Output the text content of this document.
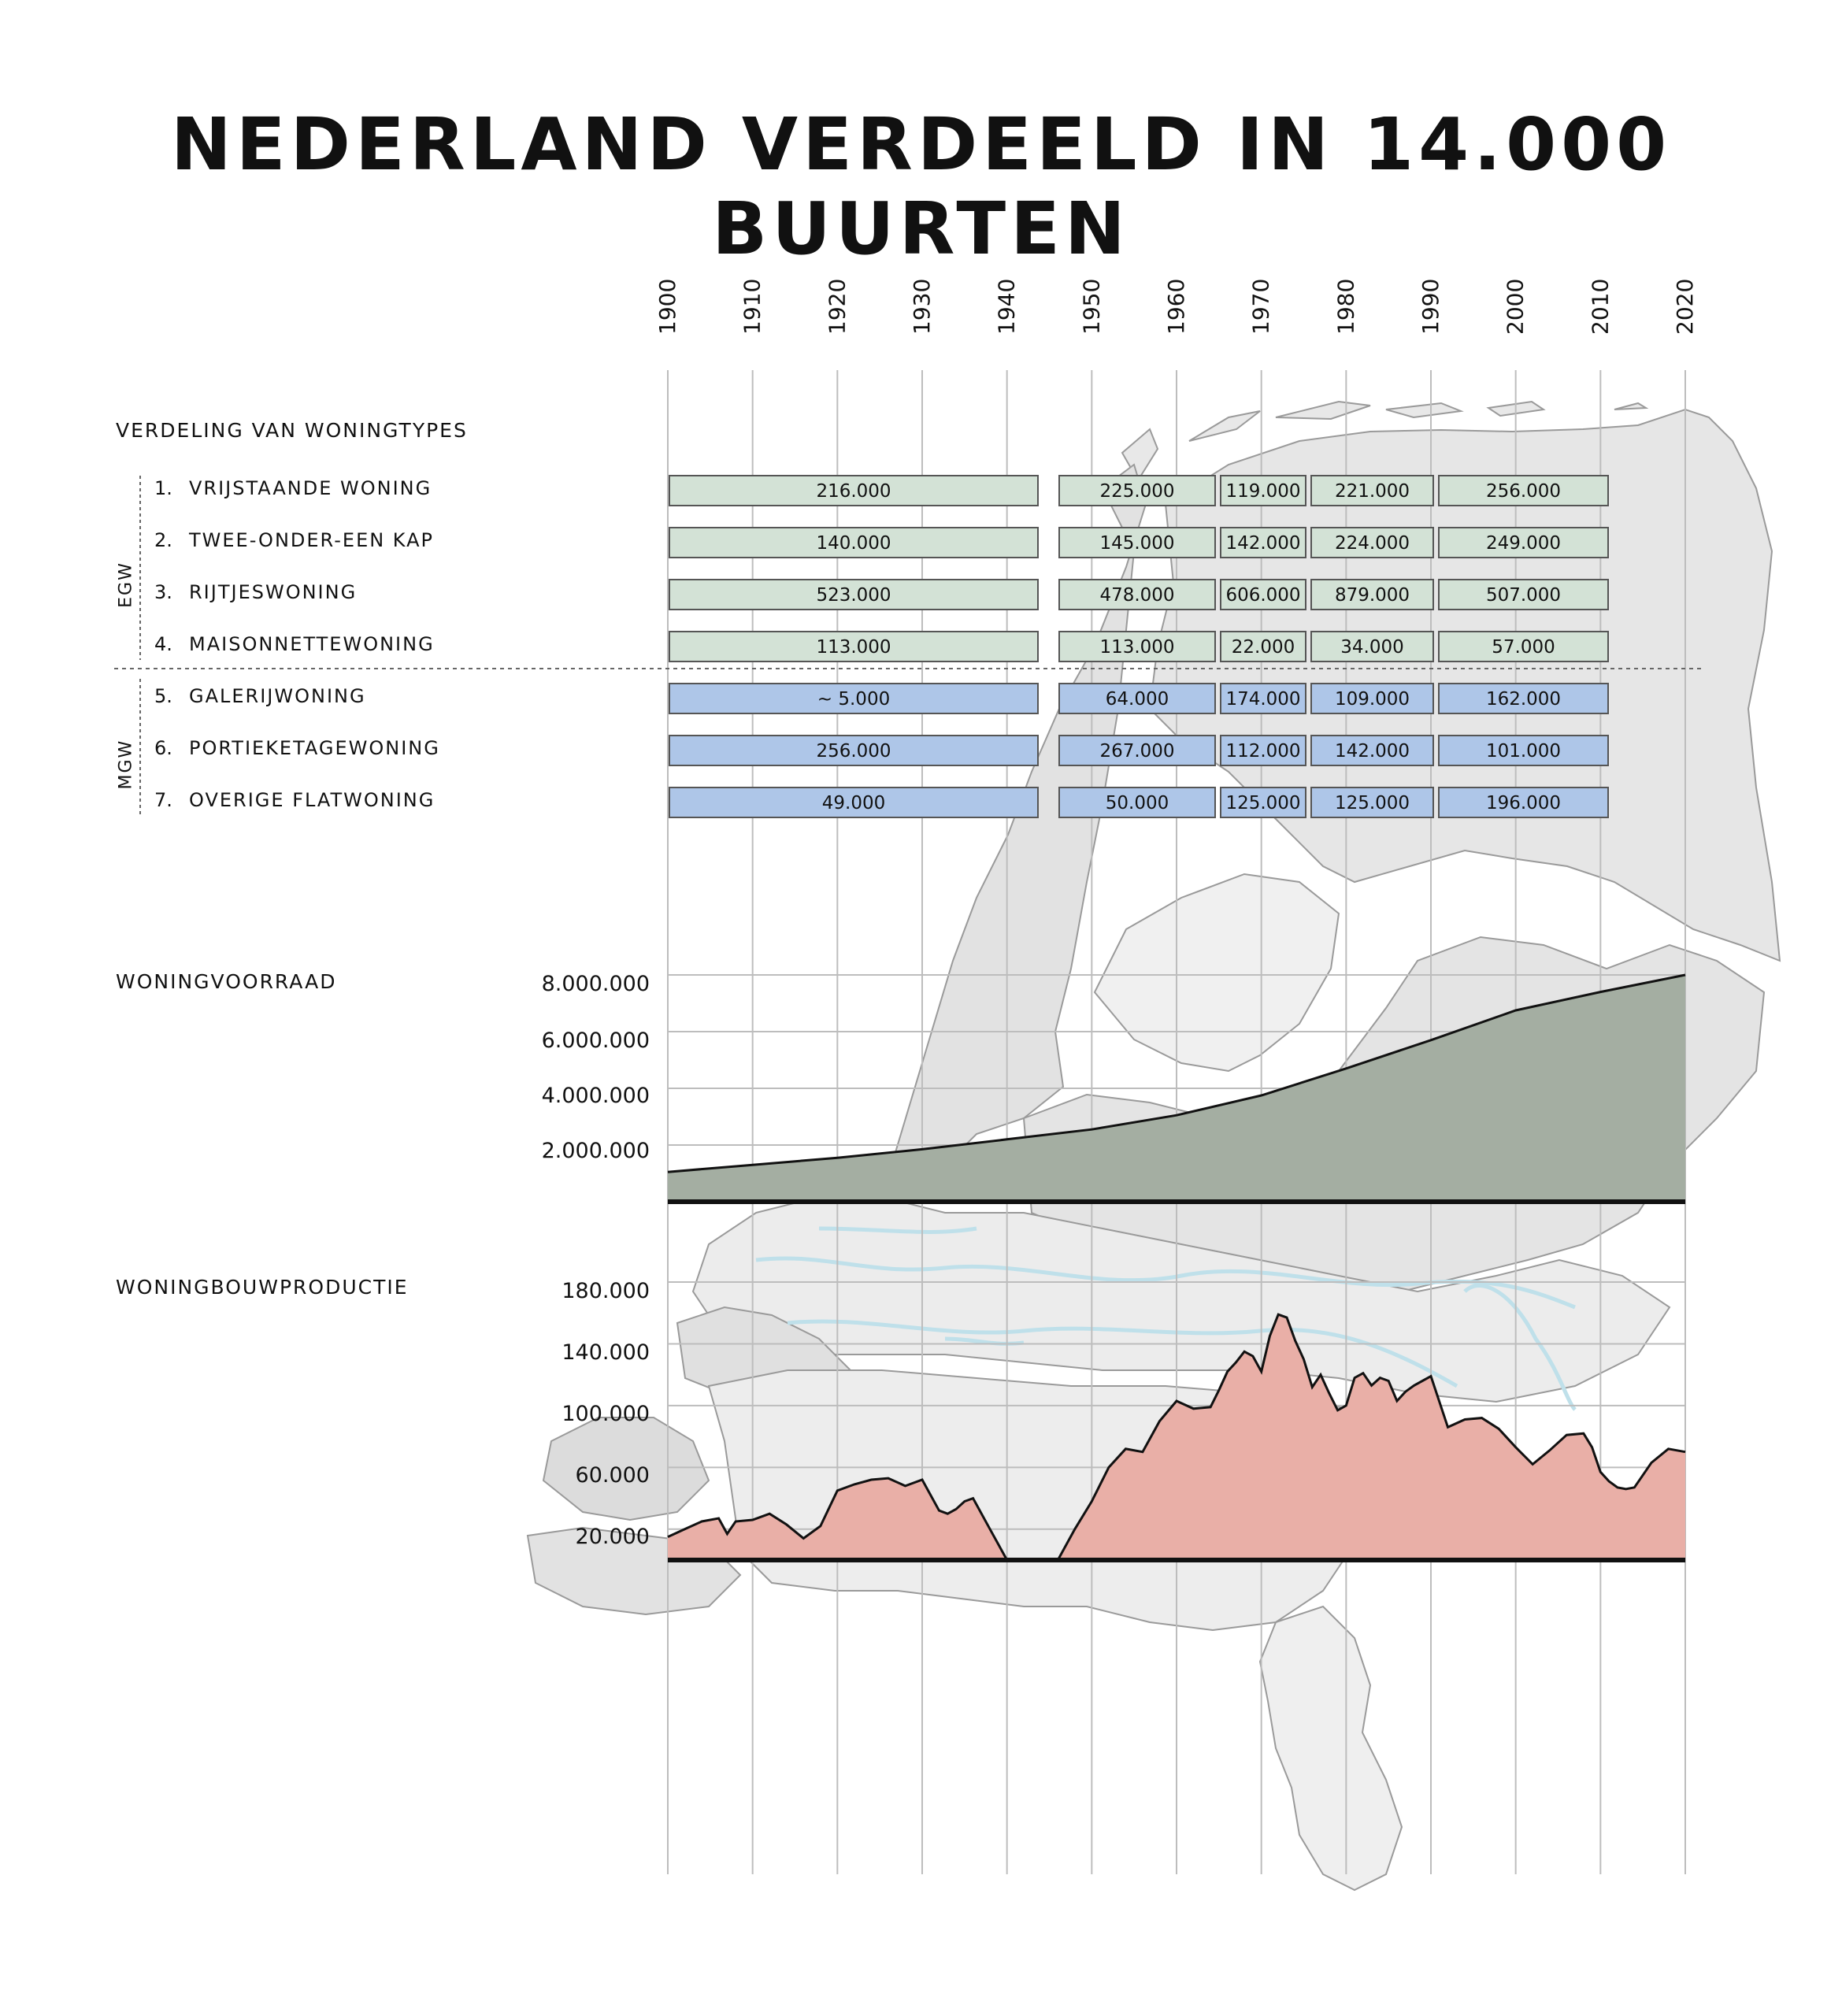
NEDERLAND VERDEELD IN 14.000 BUURTEN
VERDELING VAN WONINGTYPES
WONINGVOORRAAD
WONINGBOUWPRODUCTIE
1. VRIJSTAANDE WONING
2. TWEE-ONDER-EEN KAP
3. RIJTJESWONING
4. MAISONNETTEWONING
5. GALERIJWONING
6. PORTIEKETAGEWONING
7. OVERIGE FLATWONING
EGW
MGW
8.000.000
6.000.000
4.000.000
2.000.000
180.000
140.000
100.000
60.000
20.000
1900	1910	1920	1930	1940	1950	1960	1970	1980	1990	2000	2010	2020
216.000	225.000	119.000 221.000	256.000
140.000	145.000	142.000 224.000	249.000
523.000	478.000	606.000 879.000	507.000
113.000	113.000	22.000	34.000	57.000
~ 5.000	64.000	174.000 109.000	162.000
256.000	267.000	112.000 142.000	101.000
49.000	50.000	125.000 125.000	196.000
